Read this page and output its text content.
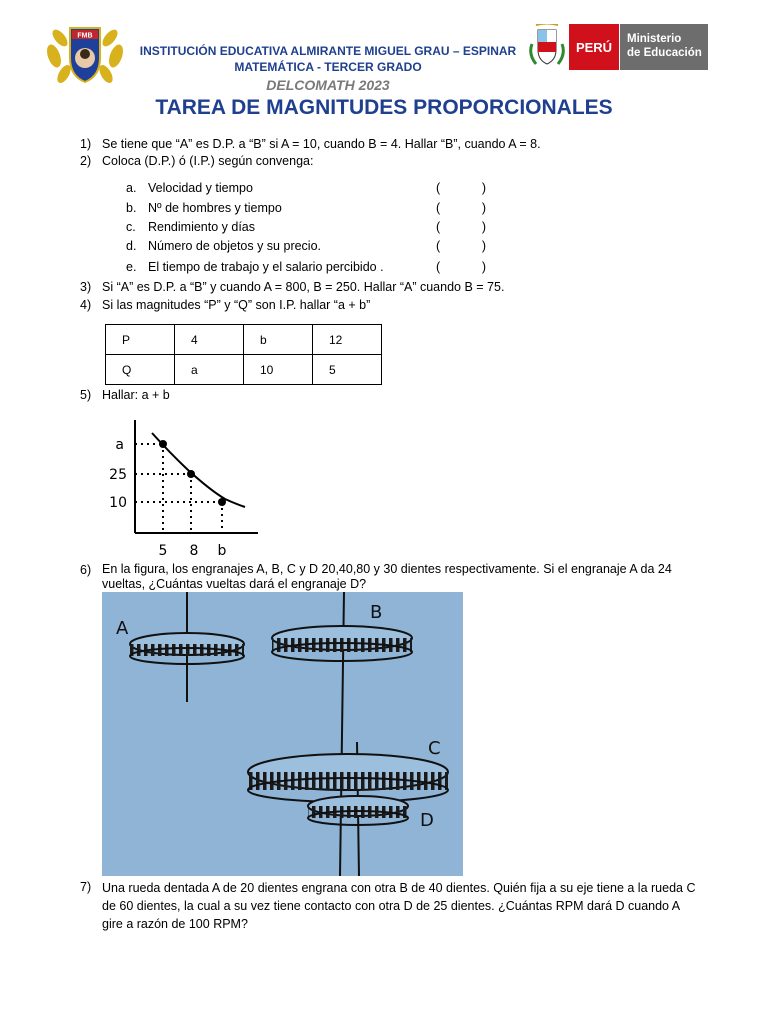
FMB
INSTITUCIÓN EDUCATIVA ALMIRANTE MIGUEL GRAU – ESPINAR
MATEMÁTICA - TERCER GRADO
DELCOMATH 2023
PERÚ
Ministerio
de Educación
TAREA DE MAGNITUDES PROPORCIONALES
1) Se tiene que “A” es D.P. a “B” si A = 10, cuando B = 4. Hallar “B”, cuando A = 8.
2) Coloca (D.P.) ó (I.P.) según convenga:
a. Velocidad y tiempo	(	)
b. Nº de hombres y tiempo	(	)
c. Rendimiento y días	(	)
d. Número de objetos y su precio.	(	)
e. El tiempo de trabajo y el salario percibido .	(	)
3) Si “A” es D.P. a “B” y cuando A = 800, B = 250. Hallar “A” cuando B = 75.
4) Si las magnitudes “P” y “Q” son I.P. hallar “a + b”
P	4	b	12
Q	a	10	5
5) Hallar: a + b
a
25
10
5 8 b
6) En la figura, los engranajes A, B, C y D 20,40,80 y 30 dientes respectivamente. Si el engranaje A da 24 vueltas, ¿Cuántas vueltas dará el engranaje D?
A
B
C
D
7) Una rueda dentada A de 20 dientes engrana con otra B de 40 dientes. Quién fija a su eje tiene a la rueda C de 60 dientes, la cual a su vez tiene contacto con otra D de 25 dientes. ¿Cuántas RPM dará D cuando A gire a razón de 100 RPM?
